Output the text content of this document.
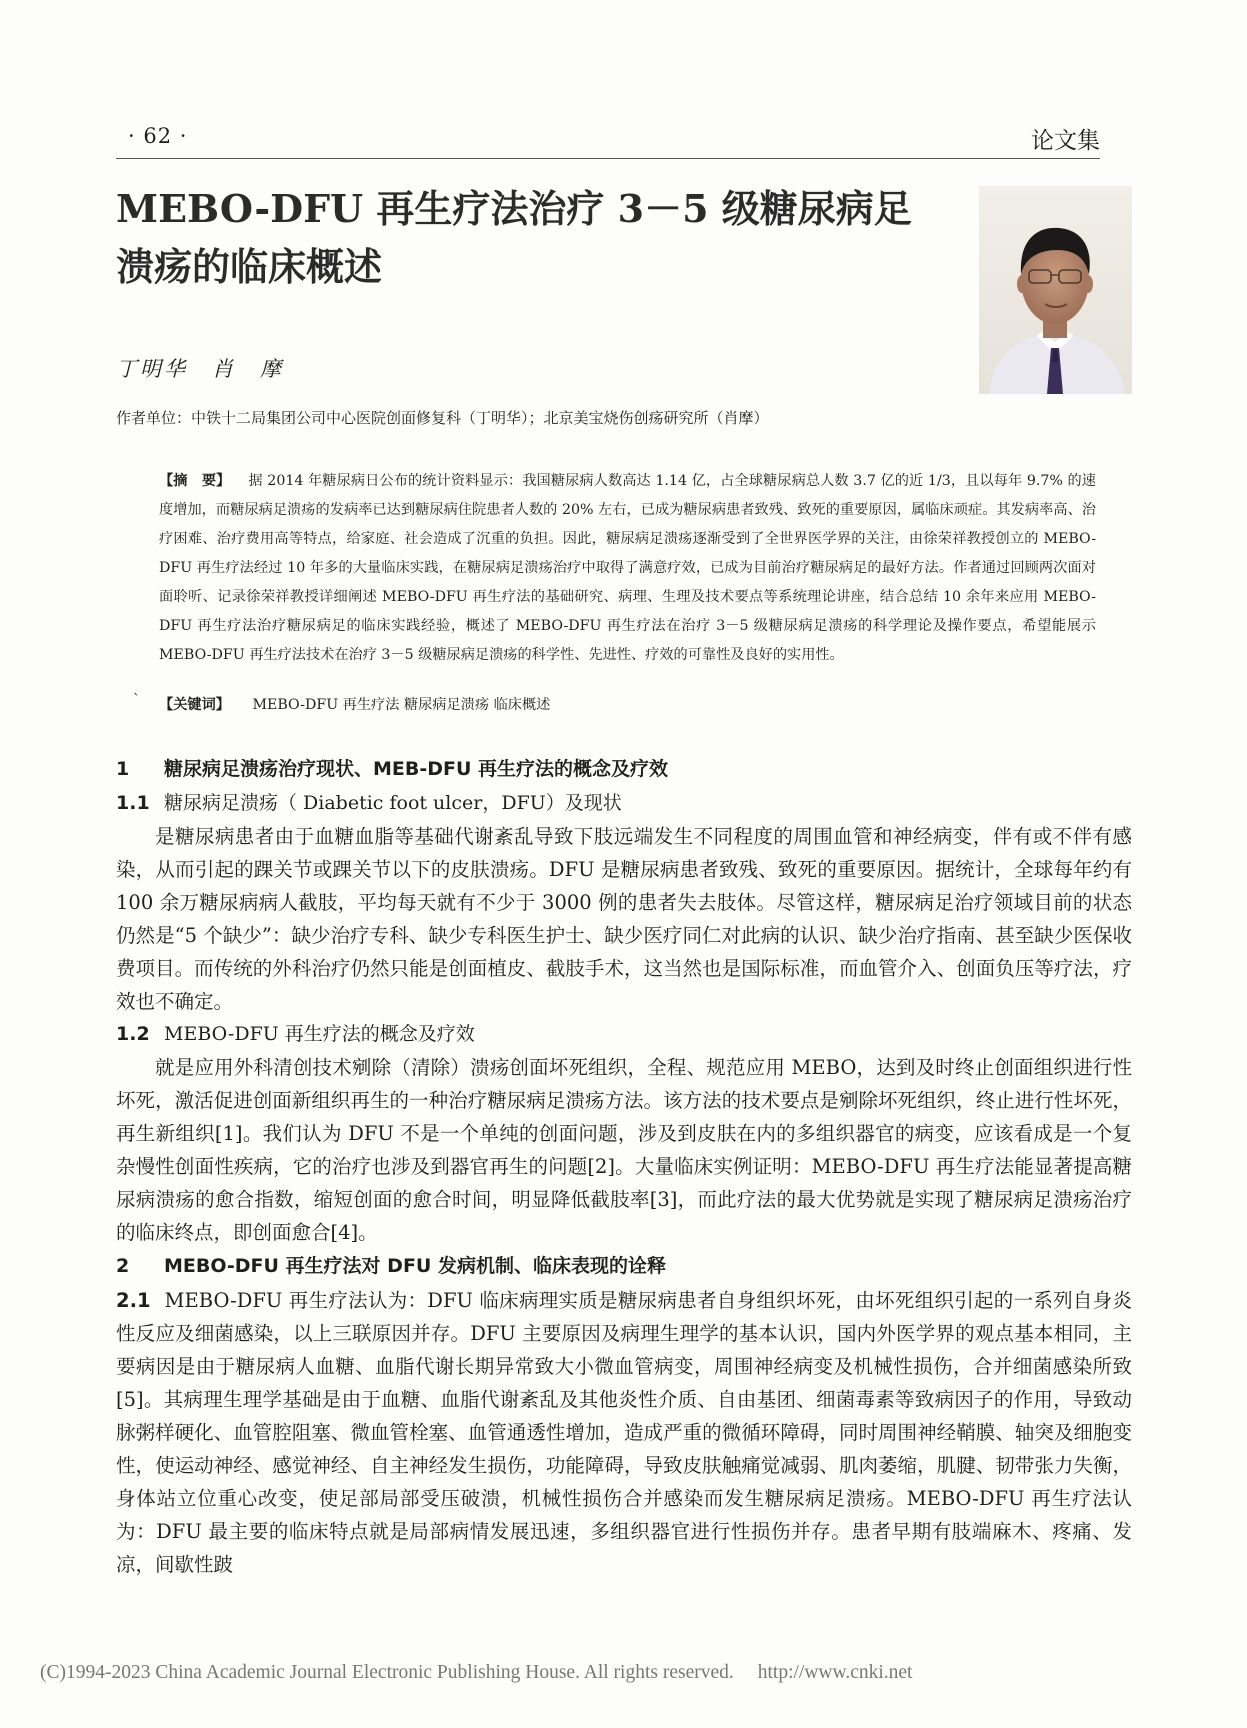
· 62 ·	论文集
MEBO-DFU 再生疗法治疗 3－5 级糖尿病足溃疡的临床概述
丁明华　肖　摩
作者单位：中铁十二局集团公司中心医院创面修复科（丁明华）；北京美宝烧伤创疡研究所（肖摩）

【摘　要】 据 2014 年糖尿病日公布的统计资料显示：我国糖尿病人数高达 1.14 亿，占全球糖尿病总人数 3.7 亿的近 1/3，且以每年 9.7% 的速度增加，而糖尿病足溃疡的发病率已达到糖尿病住院患者人数的 20% 左右，已成为糖尿病患者致残、致死的重要原因，属临床顽症。其发病率高、治疗困难、治疗费用高等特点，给家庭、社会造成了沉重的负担。因此，糖尿病足溃疡逐渐受到了全世界医学界的关注，由徐荣祥教授创立的 MEBO-DFU 再生疗法经过 10 年多的大量临床实践，在糖尿病足溃疡治疗中取得了满意疗效，已成为目前治疗糖尿病足的最好方法。作者通过回顾两次面对面聆听、记录徐荣祥教授详细阐述 MEBO-DFU 再生疗法的基础研究、病理、生理及技术要点等系统理论讲座，结合总结 10 余年来应用 MEBO-DFU 再生疗法治疗糖尿病足的临床实践经验，概述了 MEBO-DFU 再生疗法在治疗 3－5 级糖尿病足溃疡的科学理论及操作要点，希望能展示 MEBO-DFU 再生疗法技术在治疗 3－5 级糖尿病足溃疡的科学性、先进性、疗效的可靠性及良好的实用性。

` 【关键词】 MEBO-DFU 再生疗法 糖尿病足溃疡 临床概述

1 糖尿病足溃疡治疗现状、MEB-DFU 再生疗法的概念及疗效

1.1 糖尿病足溃疡（ Diabetic foot ulcer，DFU）及现状

是糖尿病患者由于血糖血脂等基础代谢紊乱导致下肢远端发生不同程度的周围血管和神经病变，伴有或不伴有感染，从而引起的踝关节或踝关节以下的皮肤溃疡。DFU 是糖尿病患者致残、致死的重要原因。据统计，全球每年约有 100 余万糖尿病病人截肢，平均每天就有不少于 3000 例的患者失去肢体。尽管这样，糖尿病足治疗领域目前的状态仍然是“5 个缺少”：缺少治疗专科、缺少专科医生护士、缺少医疗同仁对此病的认识、缺少治疗指南、甚至缺少医保收费项目。而传统的外科治疗仍然只能是创面植皮、截肢手术，这当然也是国际标准，而血管介入、创面负压等疗法，疗效也不确定。

1.2 MEBO-DFU 再生疗法的概念及疗效

就是应用外科清创技术剜除（清除）溃疡创面坏死组织，全程、规范应用 MEBO，达到及时终止创面组织进行性坏死，激活促进创面新组织再生的一种治疗糖尿病足溃疡方法。该方法的技术要点是剜除坏死组织，终止进行性坏死，再生新组织[1]。我们认为 DFU 不是一个单纯的创面问题，涉及到皮肤在内的多组织器官的病变，应该看成是一个复杂慢性创面性疾病，它的治疗也涉及到器官再生的问题[2]。大量临床实例证明：MEBO-DFU 再生疗法能显著提高糖尿病溃疡的愈合指数，缩短创面的愈合时间，明显降低截肢率[3]，而此疗法的最大优势就是实现了糖尿病足溃疡治疗的临床终点，即创面愈合[4]。

2 MEBO-DFU 再生疗法对 DFU 发病机制、临床表现的诠释

2.1 MEBO-DFU 再生疗法认为：DFU 临床病理实质是糖尿病患者自身组织坏死，由坏死组织引起的一系列自身炎性反应及细菌感染，以上三联原因并存。DFU 主要原因及病理生理学的基本认识，国内外医学界的观点基本相同，主要病因是由于糖尿病人血糖、血脂代谢长期异常致大小微血管病变，周围神经病变及机械性损伤，合并细菌感染所致[5]。其病理生理学基础是由于血糖、血脂代谢紊乱及其他炎性介质、自由基团、细菌毒素等致病因子的作用，导致动脉粥样硬化、血管腔阻塞、微血管栓塞、血管通透性增加，造成严重的微循环障碍，同时周围神经鞘膜、轴突及细胞变性，使运动神经、感觉神经、自主神经发生损伤，功能障碍，导致皮肤触痛觉减弱、肌肉萎缩，肌腱、韧带张力失衡，身体站立位重心改变，使足部局部受压破溃，机械性损伤合并感染而发生糖尿病足溃疡。MEBO-DFU 再生疗法认为：DFU 最主要的临床特点就是局部病情发展迅速，多组织器官进行性损伤并存。患者早期有肢端麻木、疼痛、发凉，间歇性跛

(C)1994-2023 China Academic Journal Electronic Publishing House. All rights reserved. http://www.cnki.net
